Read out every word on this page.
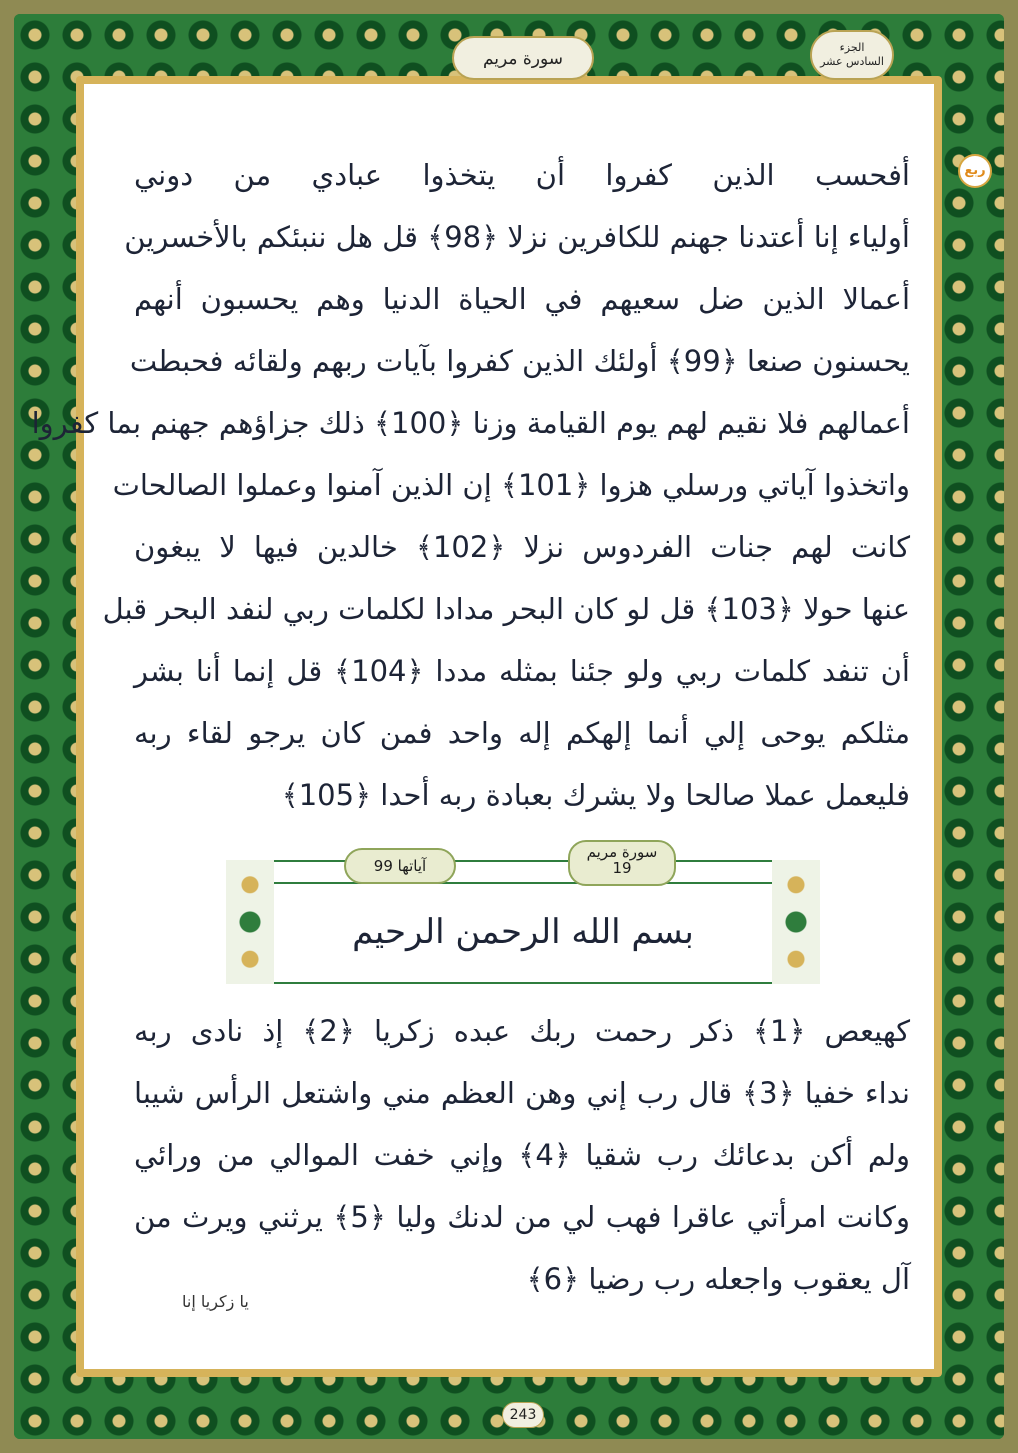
الجزء
السادس عشر
سورة مريم
ربع
أفحسب الذين كفروا أن يتخذوا عبادي من دوني
أولياء إنا أعتدنا جهنم للكافرين نزلا ﴿98﴾ قل هل ننبئكم بالأخسرين
أعمالا الذين ضل سعيهم في الحياة الدنيا وهم يحسبون أنهم
يحسنون صنعا ﴿99﴾ أولئك الذين كفروا بآيات ربهم ولقائه فحبطت
أعمالهم فلا نقيم لهم يوم القيامة وزنا ﴿100﴾ ذلك جزاؤهم جهنم بما كفروا
واتخذوا آياتي ورسلي هزوا ﴿101﴾ إن الذين آمنوا وعملوا الصالحات
كانت لهم جنات الفردوس نزلا ﴿102﴾ خالدين فيها لا يبغون
عنها حولا ﴿103﴾ قل لو كان البحر مدادا لكلمات ربي لنفد البحر قبل
أن تنفد كلمات ربي ولو جئنا بمثله مددا ﴿104﴾ قل إنما أنا بشر
مثلكم يوحى إلي أنما إلهكم إله واحد فمن كان يرجو لقاء ربه
فليعمل عملا صالحا ولا يشرك بعبادة ربه أحدا ﴿105﴾
سورة مريم
19
آياتها 99
بسم الله الرحمن الرحيم
كهيعص ﴿1﴾ ذكر رحمت ربك عبده زكريا ﴿2﴾ إذ نادى ربه
نداء خفيا ﴿3﴾ قال رب إني وهن العظم مني واشتعل الرأس شيبا
ولم أكن بدعائك رب شقيا ﴿4﴾ وإني خفت الموالي من ورائي
وكانت امرأتي عاقرا فهب لي من لدنك وليا ﴿5﴾ يرثني ويرث من
آل يعقوب واجعله رب رضيا ﴿6﴾
يا زكريا إنا
243
